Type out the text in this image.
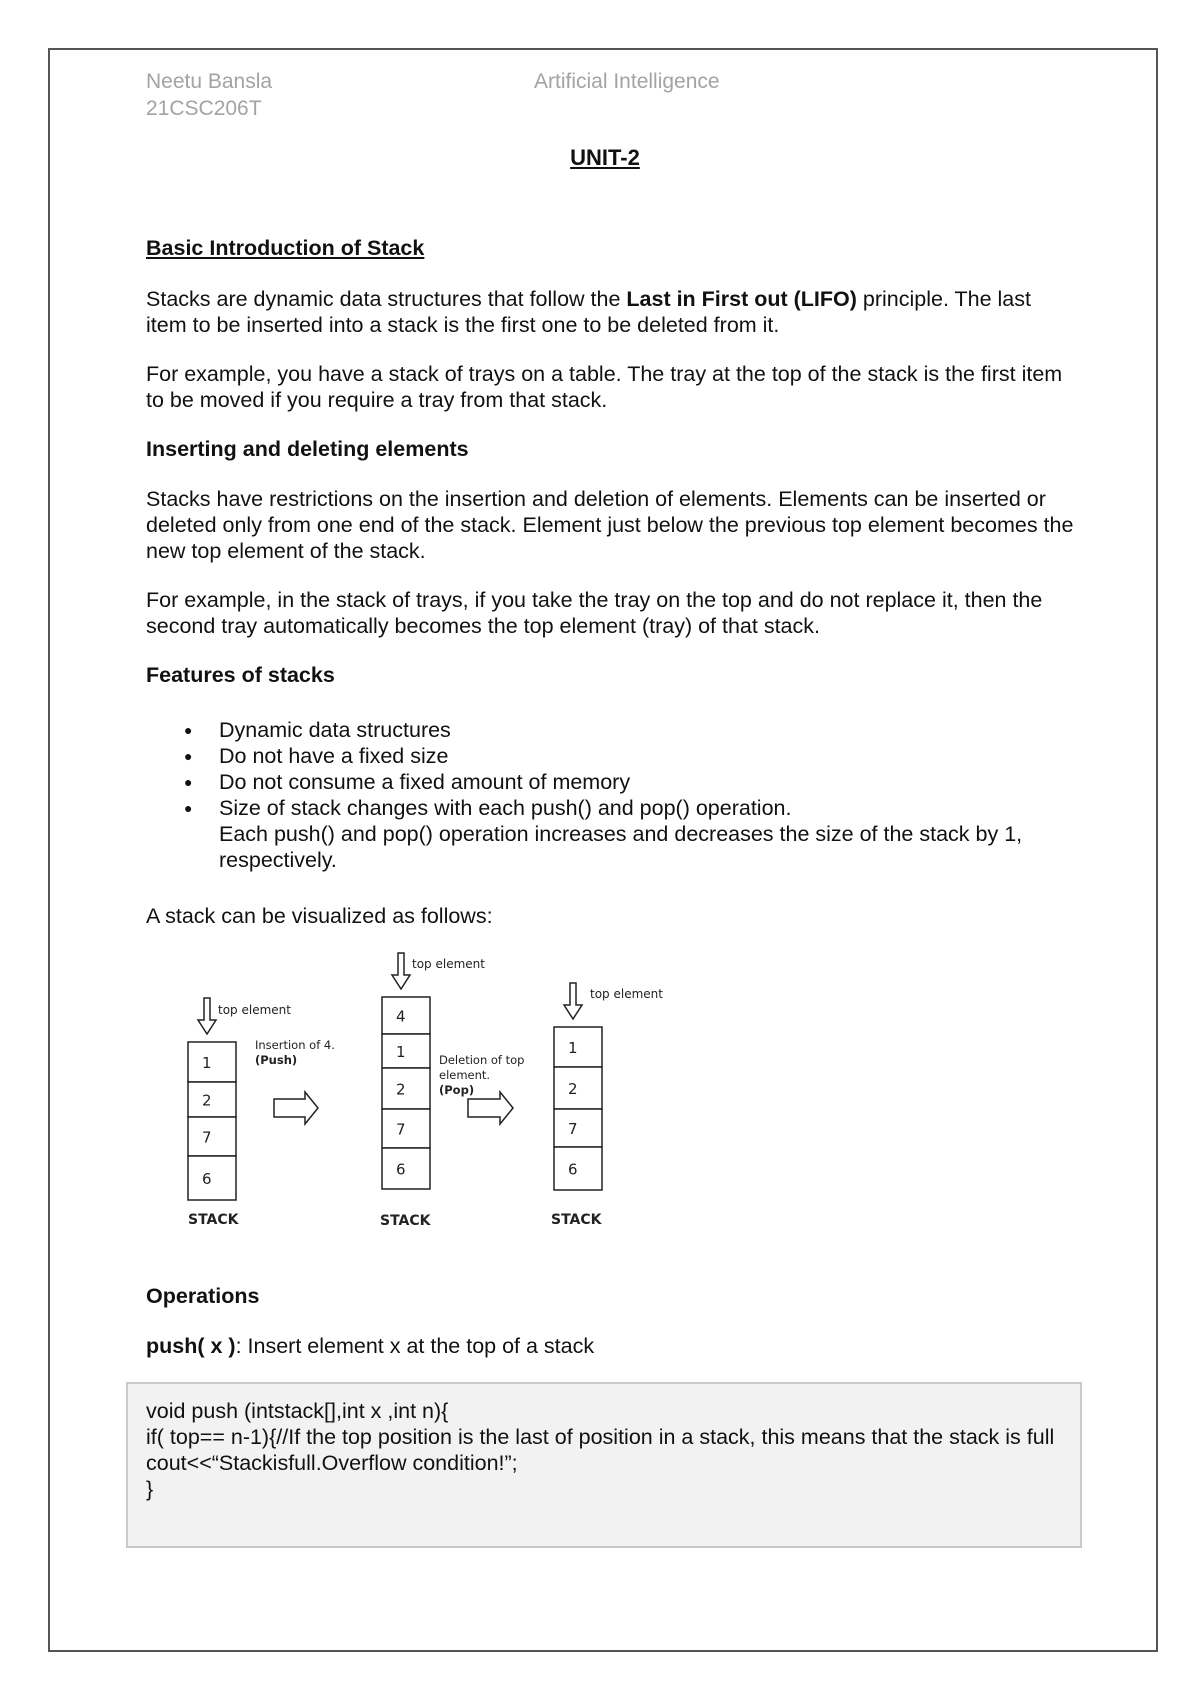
Neetu Bansla
21CSC206T
Artificial Intelligence
UNIT-2
Basic Introduction of Stack

Stacks are dynamic data structures that follow the Last in First out (LIFO) principle. The last item to be inserted into a stack is the first one to be deleted from it.

For example, you have a stack of trays on a table. The tray at the top of the stack is the first item to be moved if you require a tray from that stack.

Inserting and deleting elements

Stacks have restrictions on the insertion and deletion of elements. Elements can be inserted or deleted only from one end of the stack. Element just below the previous top element becomes the new top element of the stack.

For example, in the stack of trays, if you take the tray on the top and do not replace it, then the second tray automatically becomes the top element (tray) of that stack.

Features of stacks
● Dynamic data structures
● Do not have a fixed size
● Do not consume a fixed amount of memory
● Size of stack changes with each push() and pop() operation.
Each push() and pop() operation increases and decreases the size of the stack by 1, respectively.

A stack can be visualized as follows:

1
2
7
6
4
1
2
7
6
1
2
7
6
top element
top element
top element
Insertion of 4.
(Push)	Deletion of top
element.
(Pop)
STACK	STACK	STACK
Operations

push( x ): Insert element x at the top of a stack

void push (intstack[],int x ,int n){
if( top== n-1){//If the top position is the last of position in a stack, this means that the stack is full
cout<<“Stackisfull.Overflow condition!”;
}
